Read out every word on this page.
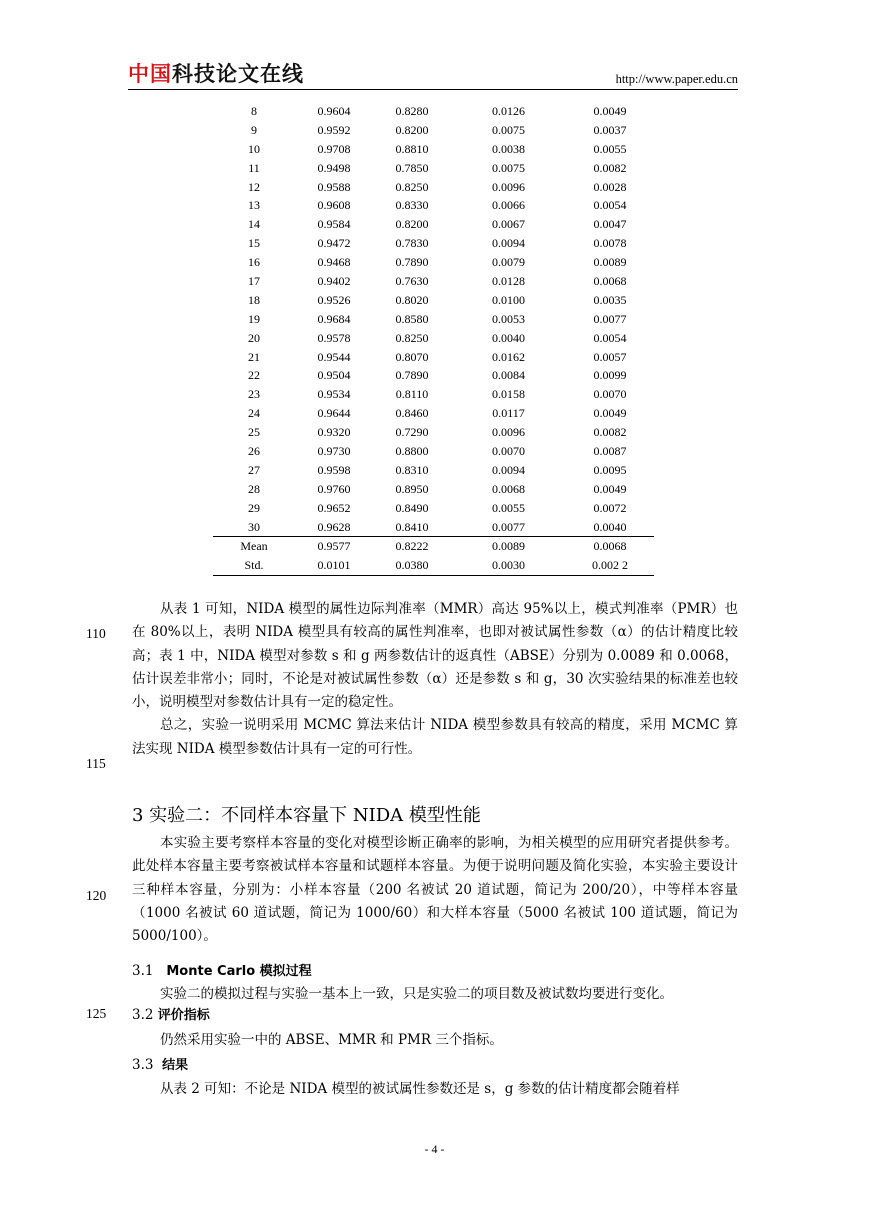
中国科技论文在线	http://www.paper.edu.cn
8	0.9604	0.8280	0.0126	0.0049
9	0.9592	0.8200	0.0075	0.0037
10	0.9708	0.8810	0.0038	0.0055
11	0.9498	0.7850	0.0075	0.0082
12	0.9588	0.8250	0.0096	0.0028
13	0.9608	0.8330	0.0066	0.0054
14	0.9584	0.8200	0.0067	0.0047
15	0.9472	0.7830	0.0094	0.0078
16	0.9468	0.7890	0.0079	0.0089
17	0.9402	0.7630	0.0128	0.0068
18	0.9526	0.8020	0.0100	0.0035
19	0.9684	0.8580	0.0053	0.0077
20	0.9578	0.8250	0.0040	0.0054
21	0.9544	0.8070	0.0162	0.0057
22	0.9504	0.7890	0.0084	0.0099
23	0.9534	0.8110	0.0158	0.0070
24	0.9644	0.8460	0.0117	0.0049
25	0.9320	0.7290	0.0096	0.0082
26	0.9730	0.8800	0.0070	0.0087
27	0.9598	0.8310	0.0094	0.0095
28	0.9760	0.8950	0.0068	0.0049
29	0.9652	0.8490	0.0055	0.0072
30	0.9628	0.8410	0.0077	0.0040
Mean	0.9577	0.8222	0.0089	0.0068
Std.	0.0101	0.0380	0.0030	0.002 2
110
115
120
125

从表 1 可知，NIDA 模型的属性边际判准率（MMR）高达 95%以上，模式判准率（PMR）也在 80%以上，表明 NIDA 模型具有较高的属性判准率，也即对被试属性参数（α）的估计精度比较高；表 1 中，NIDA 模型对参数 s 和 g 两参数估计的返真性（ABSE）分别为 0.0089 和 0.0068，估计误差非常小；同时，不论是对被试属性参数（α）还是参数 s 和 g，30 次实验结果的标准差也较小，说明模型对参数估计具有一定的稳定性。

总之，实验一说明采用 MCMC 算法来估计 NIDA 模型参数具有较高的精度，采用 MCMC 算法实现 NIDA 模型参数估计具有一定的可行性。

3 实验二：不同样本容量下 NIDA 模型性能

本实验主要考察样本容量的变化对模型诊断正确率的影响，为相关模型的应用研究者提供参考。此处样本容量主要考察被试样本容量和试题样本容量。为便于说明问题及简化实验，本实验主要设计三种样本容量，分别为：小样本容量（200 名被试 20 道试题，简记为 200/20），中等样本容量（1000 名被试 60 道试题，简记为 1000/60）和大样本容量（5000 名被试 100 道试题，简记为 5000/100）。

3.1 Monte Carlo 模拟过程

实验二的模拟过程与实验一基本上一致，只是实验二的项目数及被试数均要进行变化。

3.2 评价指标

仍然采用实验一中的 ABSE、MMR 和 PMR 三个指标。

3.3 结果

从表 2 可知：不论是 NIDA 模型的被试属性参数还是 s，g 参数的估计精度都会随着样

- 4 -
